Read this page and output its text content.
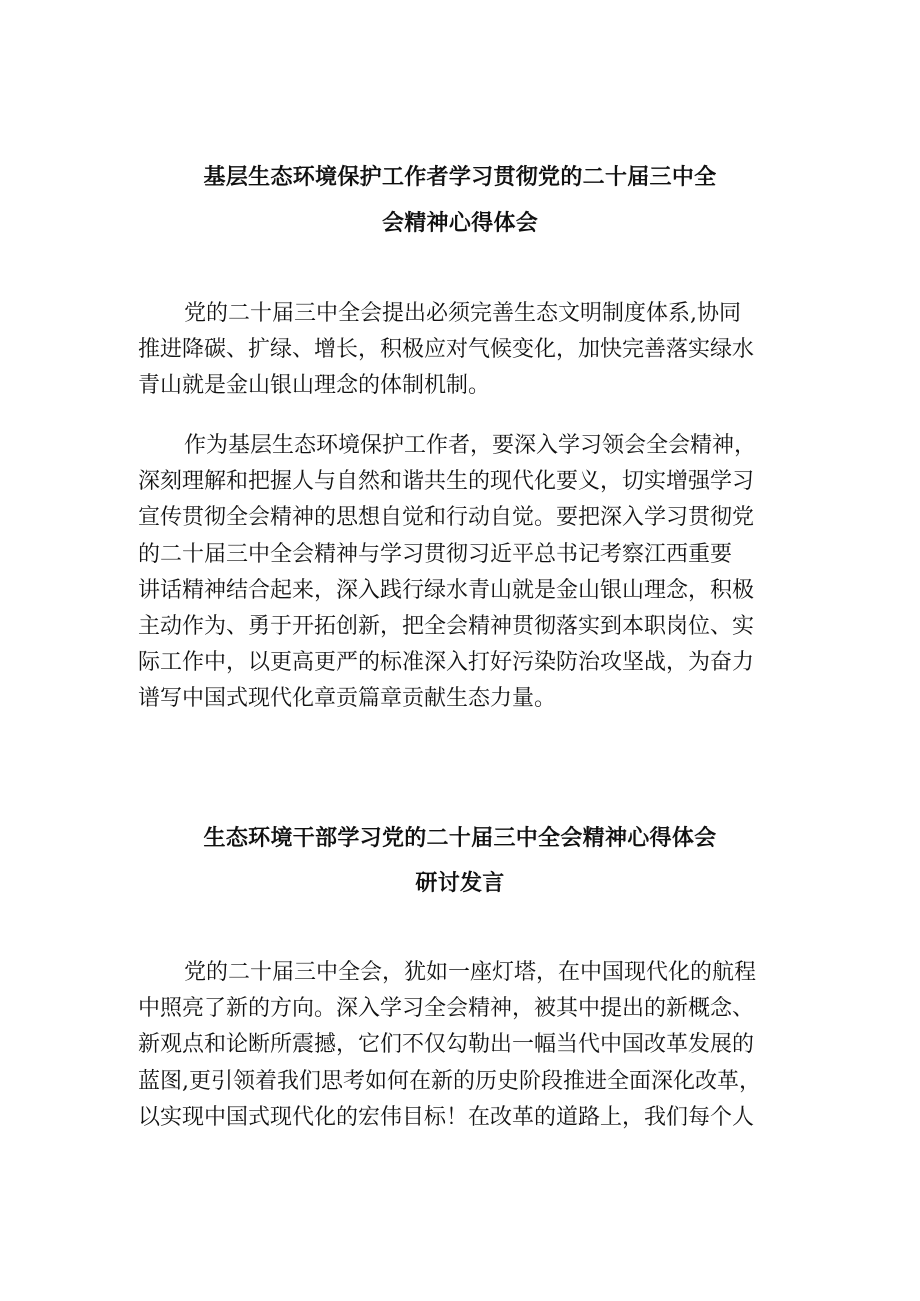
基层生态环境保护工作者学习贯彻党的二十届三中全
会精神心得体会
党的二十届三中全会提出必须完善生态文明制度体系,协同
推进降碳、扩绿、增长，积极应对气候变化，加快完善落实绿水
青山就是金山银山理念的体制机制。
作为基层生态环境保护工作者，要深入学习领会全会精神，
深刻理解和把握人与自然和谐共生的现代化要义，切实增强学习
宣传贯彻全会精神的思想自觉和行动自觉。要把深入学习贯彻党
的二十届三中全会精神与学习贯彻习近平总书记考察江西重要
讲话精神结合起来，深入践行绿水青山就是金山银山理念，积极
主动作为、勇于开拓创新，把全会精神贯彻落实到本职岗位、实
际工作中，以更高更严的标准深入打好污染防治攻坚战，为奋力
谱写中国式现代化章贡篇章贡献生态力量。
生态环境干部学习党的二十届三中全会精神心得体会
研讨发言
党的二十届三中全会，犹如一座灯塔，在中国现代化的航程
中照亮了新的方向。深入学习全会精神，被其中提出的新概念、
新观点和论断所震撼，它们不仅勾勒出一幅当代中国改革发展的
蓝图,更引领着我们思考如何在新的历史阶段推进全面深化改革，
以实现中国式现代化的宏伟目标！在改革的道路上，我们每个人
